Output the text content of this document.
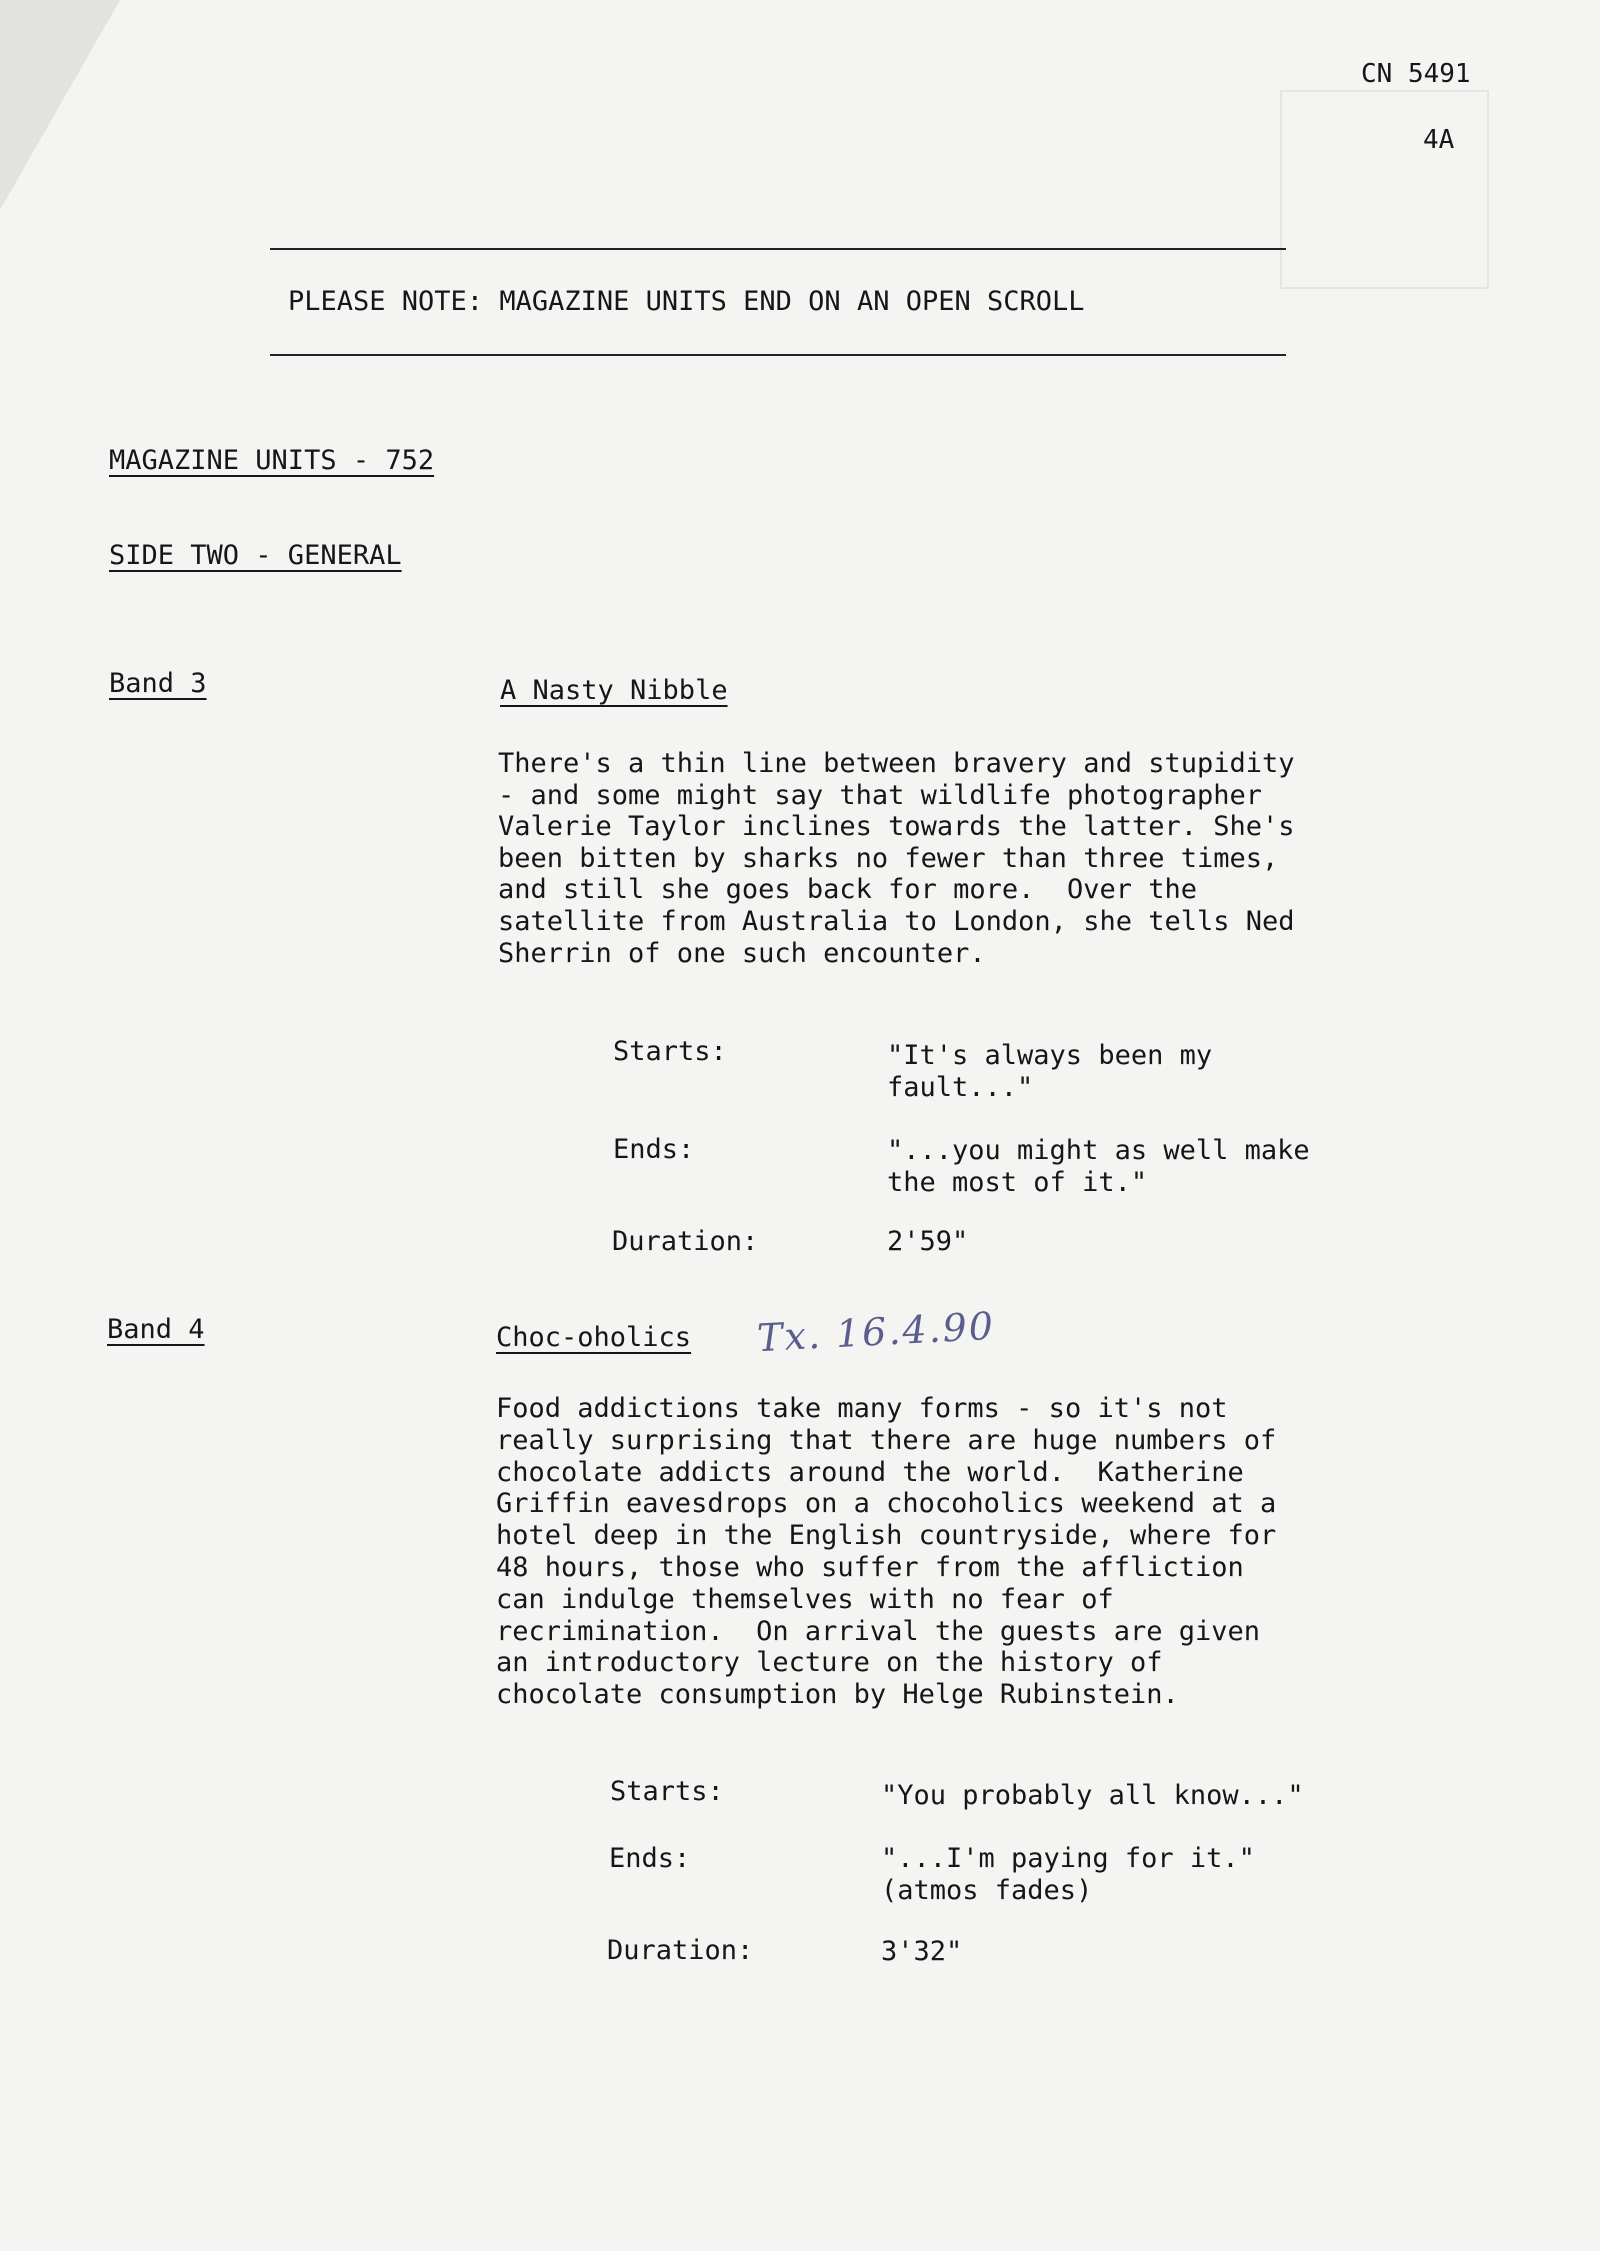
CN 5491
4A
PLEASE NOTE: MAGAZINE UNITS END ON AN OPEN SCROLL
MAGAZINE UNITS - 752
SIDE TWO - GENERAL
Band 3	A Nasty Nibble
There's a thin line between bravery and stupidity
- and some might say that wildlife photographer
Valerie Taylor inclines towards the latter. She's
been bitten by sharks no fewer than three times,
and still she goes back for more.  Over the
satellite from Australia to London, she tells Ned
Sherrin of one such encounter.
Starts:	"It's always been my
fault..."
Ends:	"...you might as well make
the most of it."
Duration:	2'59"
Band 4	Choc-oholics Tx. 16.4.90
Food addictions take many forms - so it's not
really surprising that there are huge numbers of
chocolate addicts around the world.  Katherine
Griffin eavesdrops on a chocoholics weekend at a
hotel deep in the English countryside, where for
48 hours, those who suffer from the affliction
can indulge themselves with no fear of
recrimination.  On arrival the guests are given
an introductory lecture on the history of
chocolate consumption by Helge Rubinstein.
Starts:	"You probably all know..."
Ends:	"...I'm paying for it."
(atmos fades)
Duration:	3'32"
